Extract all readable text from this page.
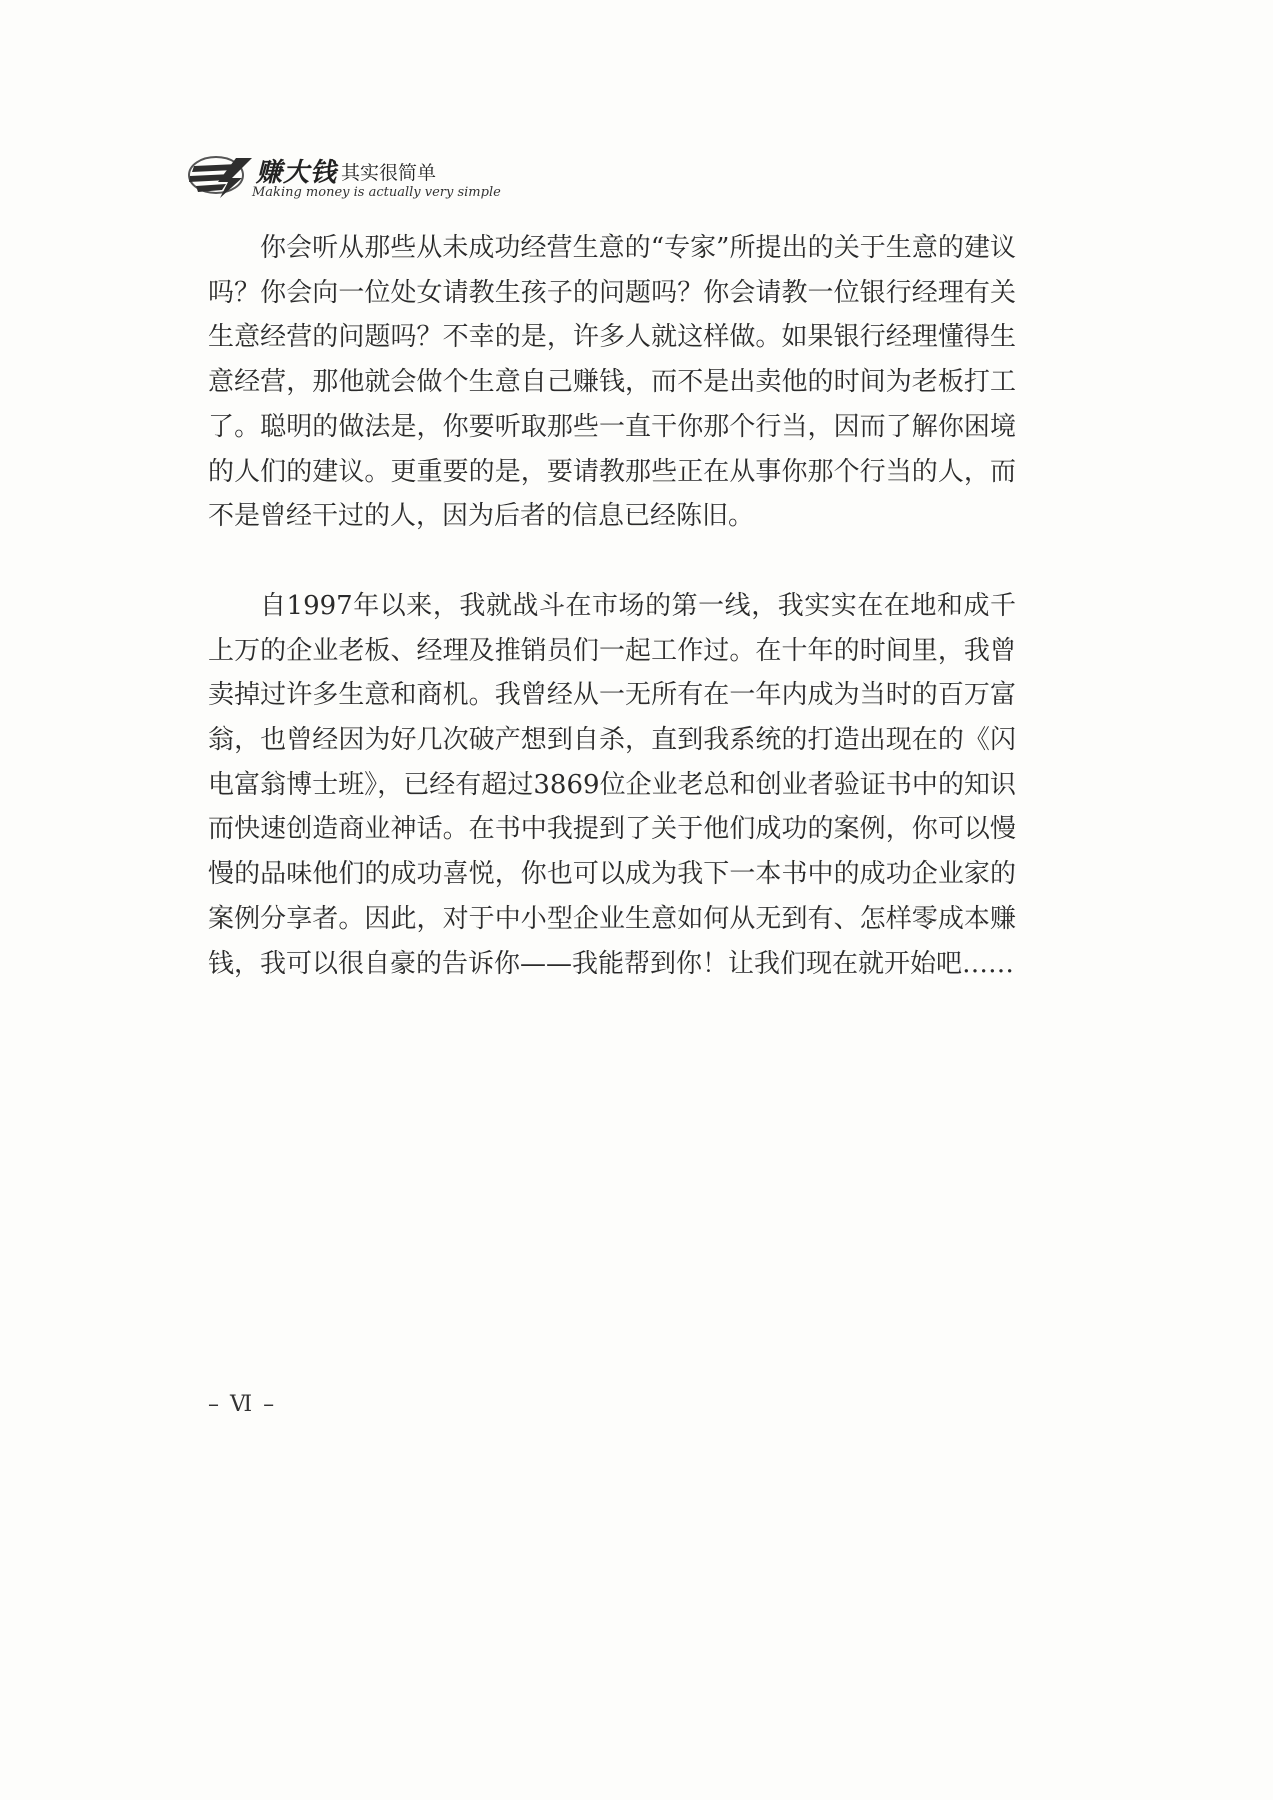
赚大钱 其实很简单
Making money is actually very simple

你会听从那些从未成功经营生意的“专家”所提出的关于生意的建议吗？你会向一位处女请教生孩子的问题吗？你会请教一位银行经理有关生意经营的问题吗？不幸的是，许多人就这样做。如果银行经理懂得生意经营，那他就会做个生意自己赚钱，而不是出卖他的时间为老板打工了。聪明的做法是，你要听取那些一直干你那个行当，因而了解你困境的人们的建议。更重要的是，要请教那些正在从事你那个行当的人，而不是曾经干过的人，因为后者的信息已经陈旧。

自1997年以来，我就战斗在市场的第一线，我实实在在地和成千上万的企业老板、经理及推销员们一起工作过。在十年的时间里，我曾卖掉过许多生意和商机。我曾经从一无所有在一年内成为当时的百万富翁，也曾经因为好几次破产想到自杀，直到我系统的打造出现在的《闪电富翁博士班》，已经有超过3869位企业老总和创业者验证书中的知识而快速创造商业神话。在书中我提到了关于他们成功的案例，你可以慢慢的品味他们的成功喜悦，你也可以成为我下一本书中的成功企业家的案例分享者。因此，对于中小型企业生意如何从无到有、怎样零成本赚钱，我可以很自豪的告诉你——我能帮到你！让我们现在就开始吧……

– Ⅵ –
